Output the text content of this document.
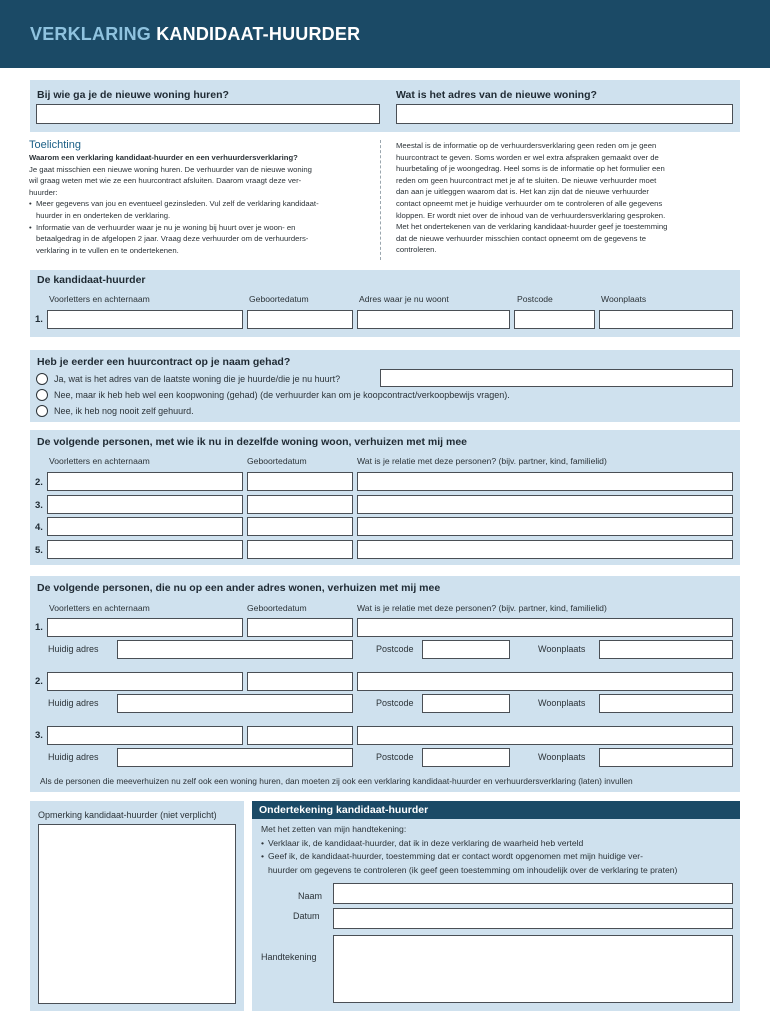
VERKLARING KANDIDAAT-HUURDER
Bij wie ga je de nieuwe woning huren?	Wat is het adres van de nieuwe woning?
Toelichting
Waarom een verklaring kandidaat-huurder en een verhuurdersverklaring?
Je gaat misschien een nieuwe woning huren. De verhuurder van de nieuwe woning
wil graag weten met wie ze een huurcontract afsluiten. Daarom vraagt deze ver-
huurder:
• Meer gegevens van jou en eventueel gezinsleden. Vul zelf de verklaring kandidaat-
huurder in en onderteken de verklaring.
• Informatie van de verhuurder waar je nu je woning bij huurt over je woon- en
betaalgedrag in de afgelopen 2 jaar. Vraag deze verhuurder om de verhuurders-
verklaring in te vullen en te ondertekenen.
Meestal is de informatie op de verhuurdersverklaring geen reden om je geen
huurcontract te geven. Soms worden er wel extra afspraken gemaakt over de
huurbetaling of je woongedrag. Heel soms is de informatie op het formulier een
reden om geen huurcontract met je af te sluiten. De nieuwe verhuurder moet
dan aan je uitleggen waarom dat is. Het kan zijn dat de nieuwe verhuurder
contact opneemt met je huidige verhuurder om te controleren of alle gegevens
kloppen. Er wordt niet over de inhoud van de verhuurdersverklaring gesproken.
Met het ondertekenen van de verklaring kandidaat-huurder geef je toestemming
dat de nieuwe verhuurder misschien contact opneemt om de gegevens te
controleren.
De kandidaat-huurder
Voorletters en achternaam	Geboortedatum	Adres waar je nu woont	Postcode	Woonplaats
1.
Heb je eerder een huurcontract op je naam gehad?
Ja, wat is het adres van de laatste woning die je huurde/die je nu huurt?
Nee, maar ik heb heb wel een koopwoning (gehad) (de verhuurder kan om je koopcontract/verkoopbewijs vragen).
Nee, ik heb nog nooit zelf gehuurd.
De volgende personen, met wie ik nu in dezelfde woning woon, verhuizen met mij mee
Voorletters en achternaam	Geboortedatum	Wat is je relatie met deze personen? (bijv. partner, kind, familielid)
2.
3.
4.
5.
De volgende personen, die nu op een ander adres wonen, verhuizen met mij mee
Voorletters en achternaam	Geboortedatum	Wat is je relatie met deze personen? (bijv. partner, kind, familielid)
1.
Huidig adres	Postcode	Woonplaats
2.
Huidig adres	Postcode	Woonplaats
3.
Huidig adres	Postcode	Woonplaats
Als de personen die meeverhuizen nu zelf ook een woning huren, dan moeten zij ook een verklaring kandidaat-huurder en verhuurdersverklaring (laten) invullen
Opmerking kandidaat-huurder (niet verplicht)	Ondertekening kandidaat-huurder
Met het zetten van mijn handtekening:
• Verklaar ik, de kandidaat-huurder, dat ik in deze verklaring de waarheid heb verteld
• Geef ik, de kandidaat-huurder, toestemming dat er contact wordt opgenomen met mijn huidige ver-
huurder om gegevens te controleren (ik geef geen toestemming om inhoudelijk over de verklaring te praten)
Naam
Datum
Handtekening
